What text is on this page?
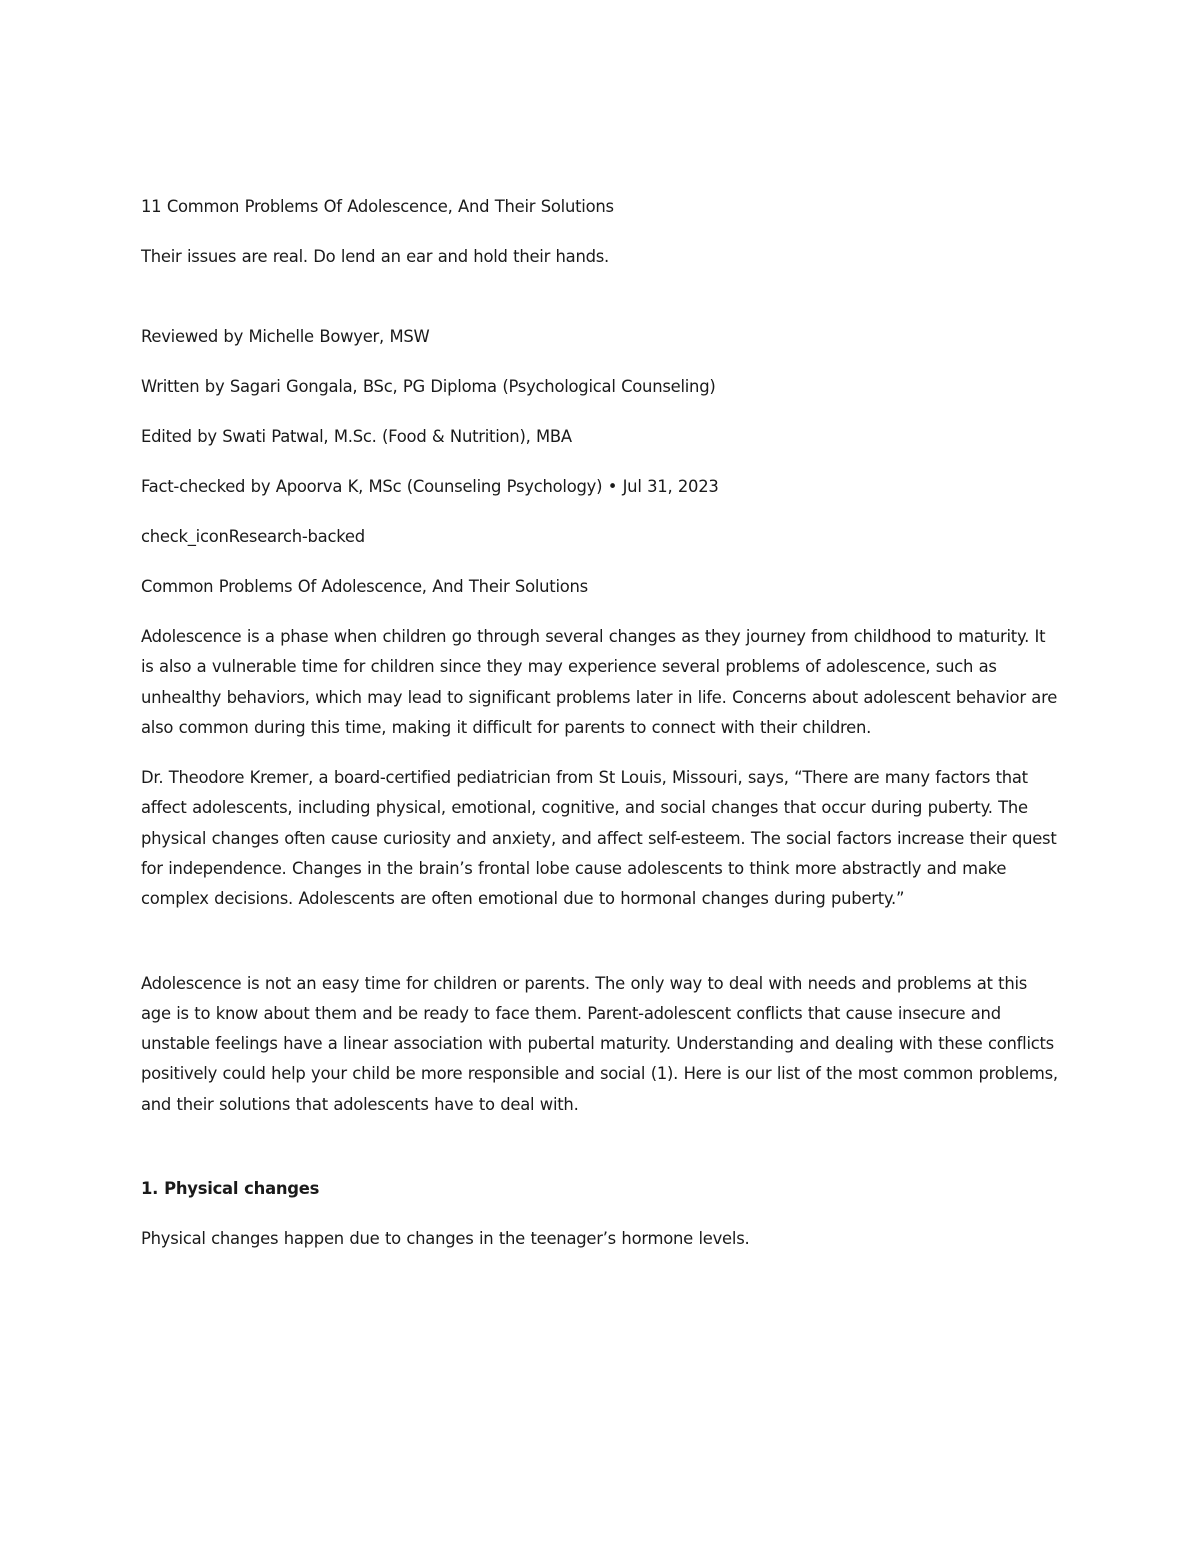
11 Common Problems Of Adolescence, And Their Solutions

Their issues are real. Do lend an ear and hold their hands.

Reviewed by Michelle Bowyer, MSW

Written by Sagari Gongala, BSc, PG Diploma (Psychological Counseling)

Edited by Swati Patwal, M.Sc. (Food & Nutrition), MBA

Fact-checked by Apoorva K, MSc (Counseling Psychology) • Jul 31, 2023

check_iconResearch-backed

Common Problems Of Adolescence, And Their Solutions

Adolescence is a phase when children go through several changes as they journey from childhood to maturity. It is also a vulnerable time for children since they may experience several problems of adolescence, such as unhealthy behaviors, which may lead to significant problems later in life. Concerns about adolescent behavior are also common during this time, making it difficult for parents to connect with their children.

Dr. Theodore Kremer, a board-certified pediatrician from St Louis, Missouri, says, “There are many factors that affect adolescents, including physical, emotional, cognitive, and social changes that occur during puberty. The physical changes often cause curiosity and anxiety, and affect self-esteem. The social factors increase their quest for independence. Changes in the brain’s frontal lobe cause adolescents to think more abstractly and make complex decisions. Adolescents are often emotional due to hormonal changes during puberty.”

Adolescence is not an easy time for children or parents. The only way to deal with needs and problems at this age is to know about them and be ready to face them. Parent-adolescent conflicts that cause insecure and unstable feelings have a linear association with pubertal maturity. Understanding and dealing with these conflicts positively could help your child be more responsible and social (1). Here is our list of the most common problems, and their solutions that adolescents have to deal with.

1. Physical changes

Physical changes happen due to changes in the teenager’s hormone levels.
